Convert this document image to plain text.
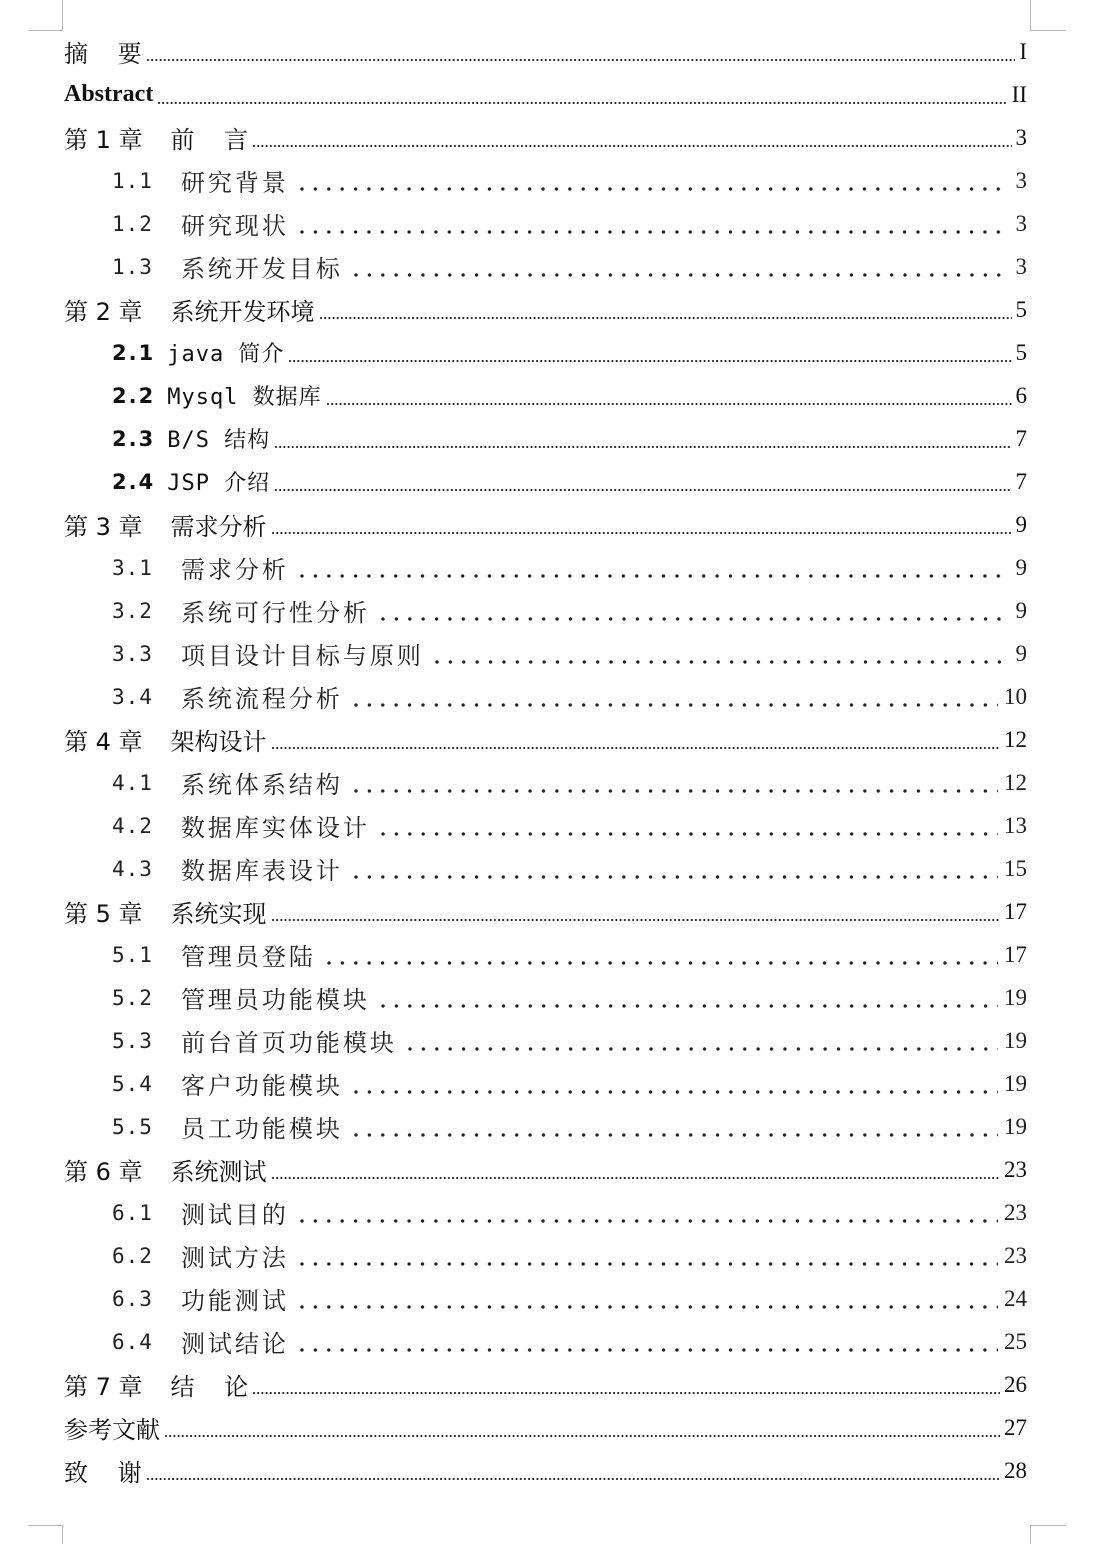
摘 要	I
Abstract	II
第 1 章 前 言	3
1.1 研究背景	3
1.2 研究现状	3
1.3 系统开发目标	3
第 2 章 系统开发环境	5
2.1 java 简介	5
2.2 Mysql 数据库	6
2.3 B/S 结构	7
2.4 JSP 介绍	7
第 3 章 需求分析	9
3.1 需求分析	9
3.2 系统可行性分析	9
3.3 项目设计目标与原则	9
3.4 系统流程分析	10
第 4 章 架构设计	12
4.1 系统体系结构	12
4.2 数据库实体设计	13
4.3 数据库表设计	15
第 5 章 系统实现	17
5.1 管理员登陆	17
5.2 管理员功能模块	19
5.3 前台首页功能模块	19
5.4 客户功能模块	19
5.5 员工功能模块	19
第 6 章 系统测试	23
6.1 测试目的	23
6.2 测试方法	23
6.3 功能测试	24
6.4 测试结论	25
第 7 章 结 论	26
参考文献	27
致 谢	28
